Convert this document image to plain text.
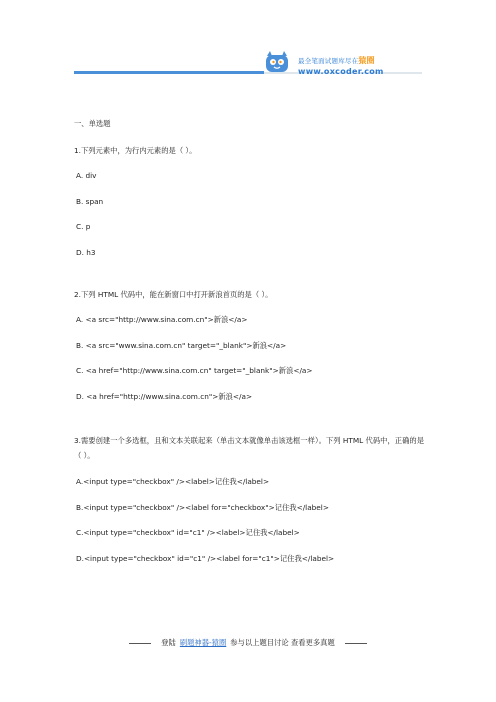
最全笔面试题库尽在猿圈
www.oxcoder.com
一、单选题
1.下列元素中，为行内元素的是（ ）。
A. div
B. span
C. p
D. h3
2.下列 HTML 代码中，能在新窗口中打开新浪首页的是（ ）。
A. <a src="http://www.sina.com.cn">新浪</a>
B. <a src="www.sina.com.cn" target="_blank">新浪</a>
C. <a href="http://www.sina.com.cn" target="_blank">新浪</a>
D. <a href="http://www.sina.com.cn">新浪</a>
3.需要创建一个多选框，且和文本关联起来（单击文本就像单击该选框一样）。下列 HTML 代码中，正确的是（ ）。
A.<input type="checkbox" /><label>记住我</label>
B.<input type="checkbox" /><label for="checkbox">记住我</label>
C.<input type="checkbox" id="c1" /><label>记住我</label>
D.<input type="checkbox" id="c1" /><label for="c1">记住我</label>
登陆 刷题神器-猿圈 参与以上题目讨论 查看更多真题
